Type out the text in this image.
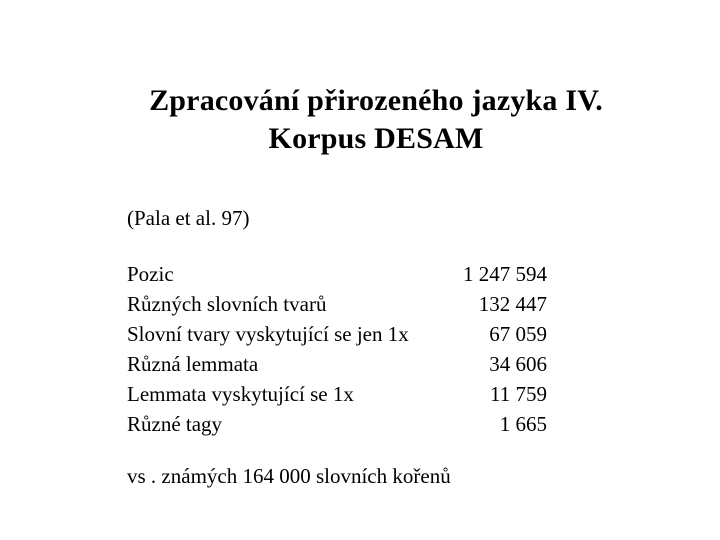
Zpracování přirozeného jazyka IV.
Korpus DESAM
(Pala et al. 97)
Pozic	1 247 594
Různých slovních tvarů	132 447
Slovní tvary vyskytující se jen 1x	67 059
Různá lemmata	34 606
Lemmata vyskytující se 1x	11 759
Různé tagy	1 665
vs . známých 164 000 slovních kořenů
